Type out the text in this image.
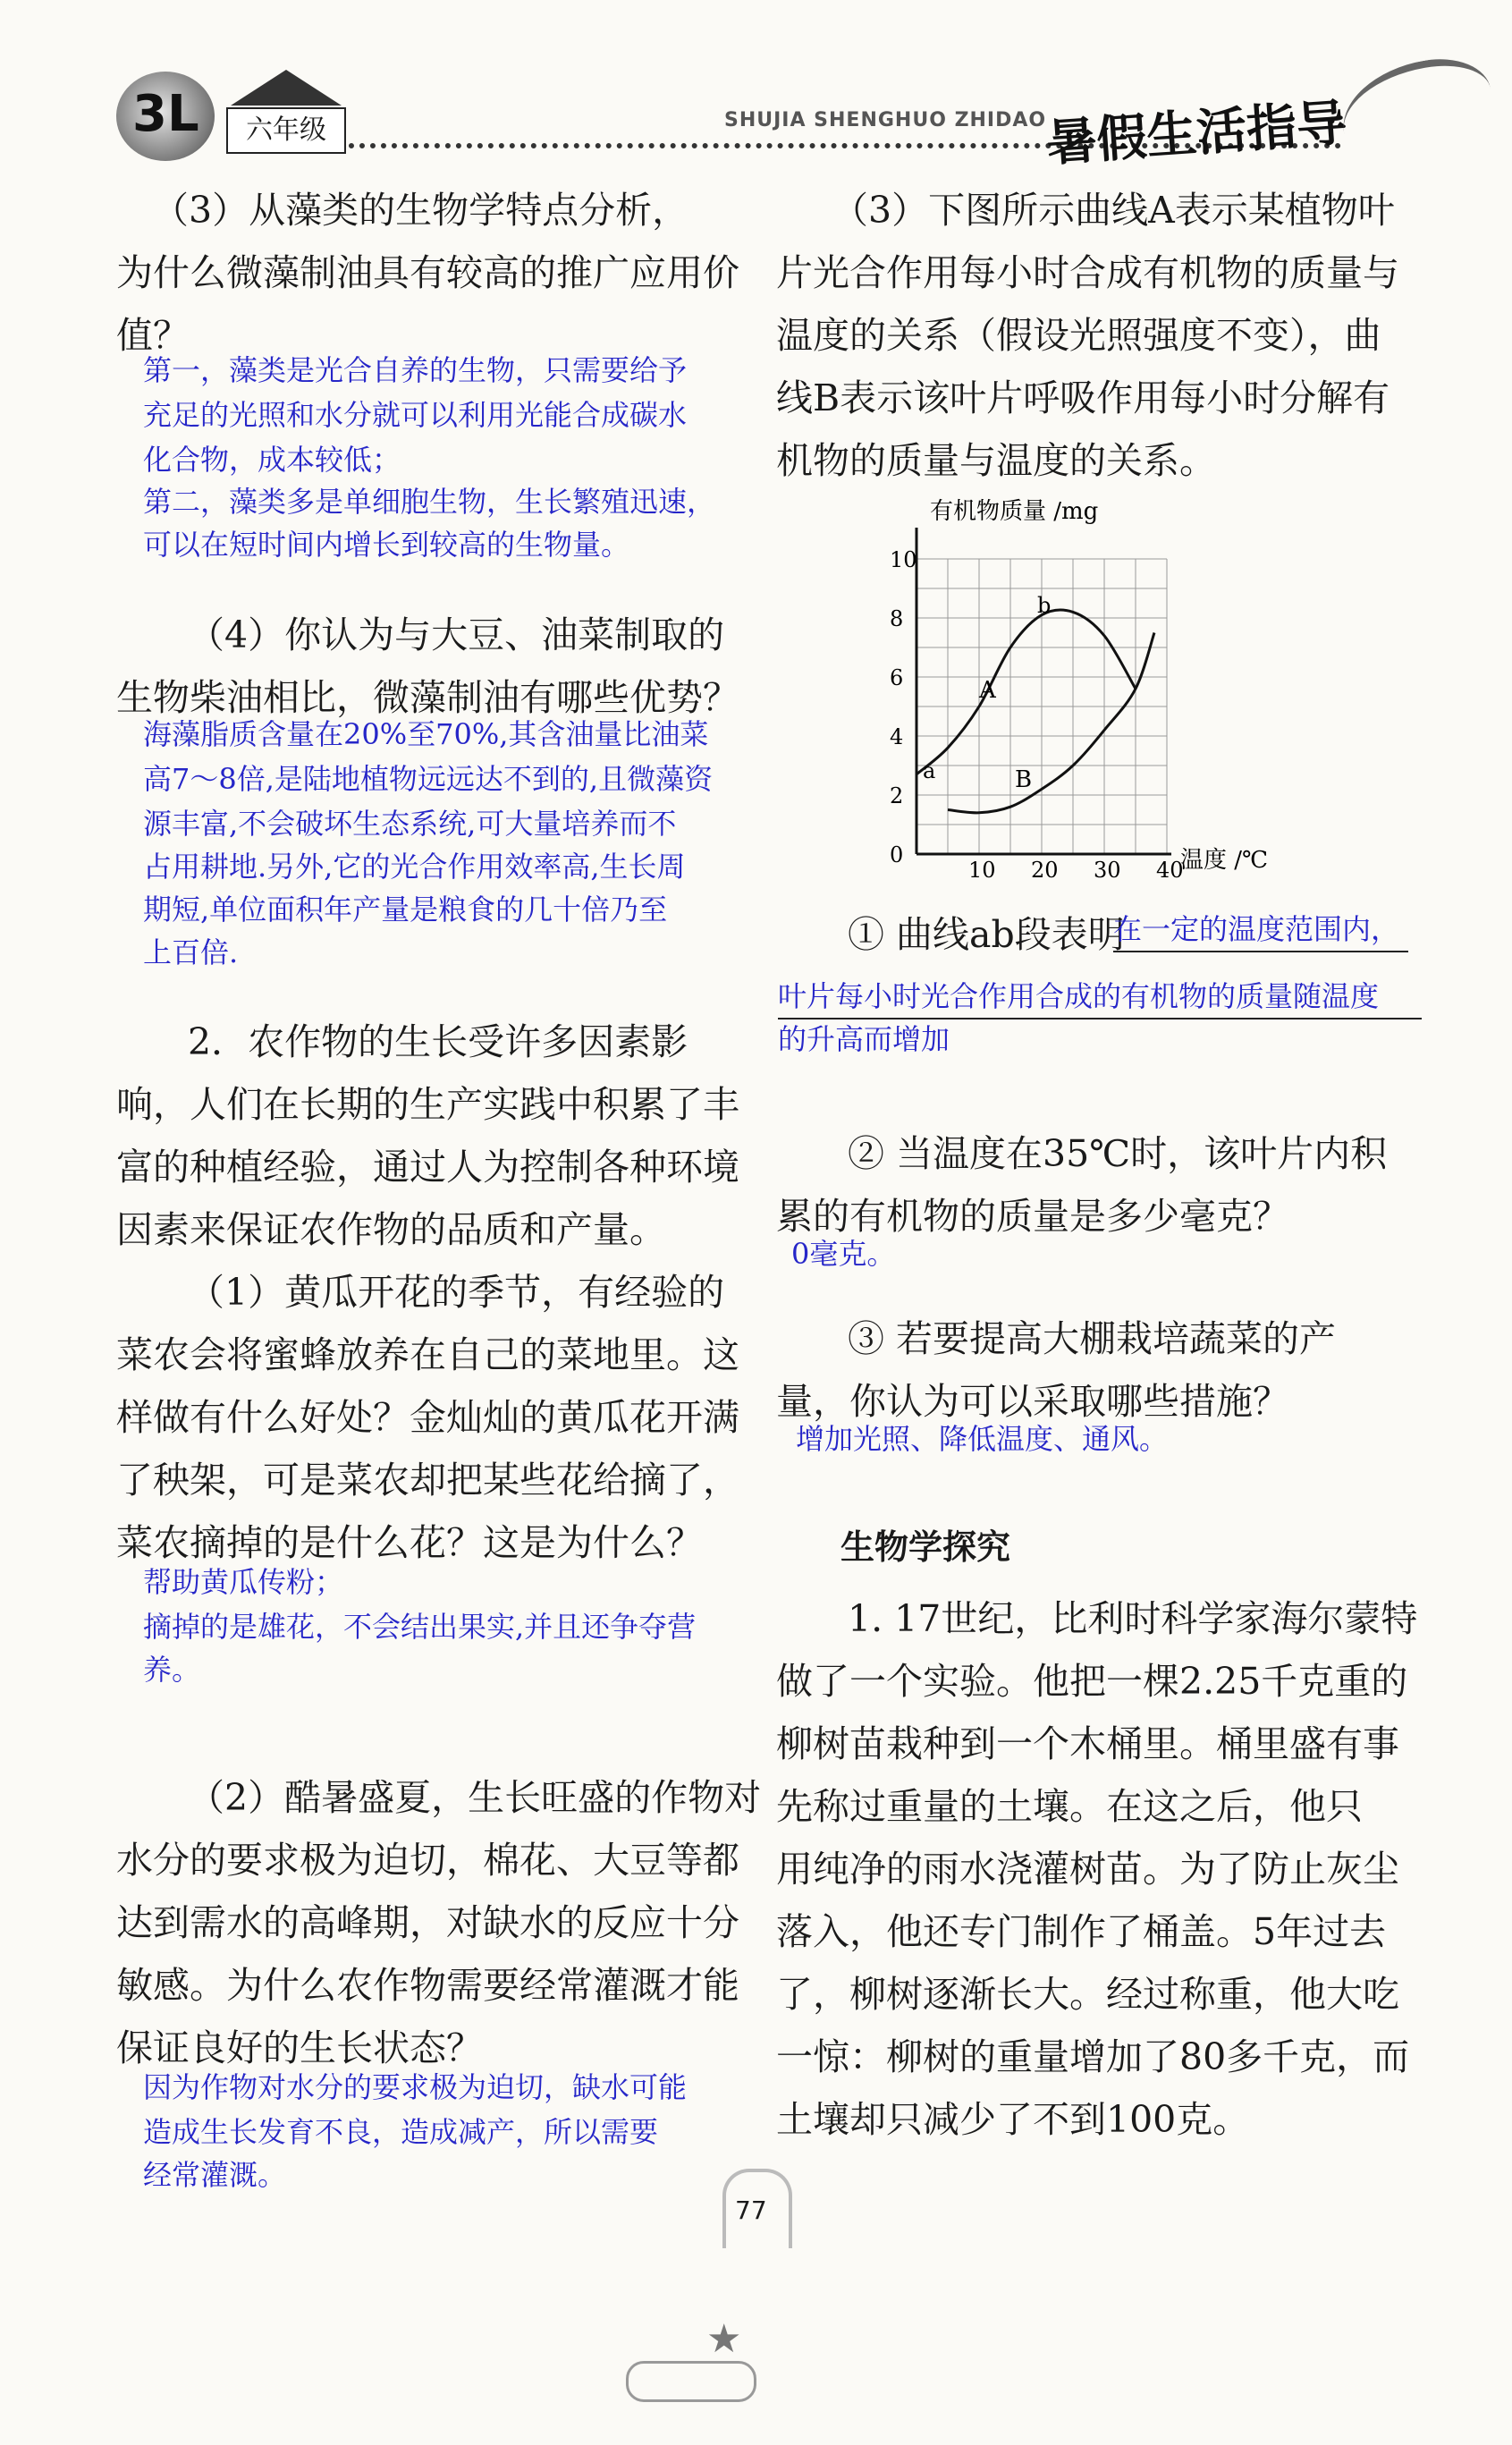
3L	六年级	SHUJIA SHENGHUO ZHIDAO
暑假生活指导

（3）从藻类的生物学特点分析，

为什么微藻制油具有较高的推广应用价

值？

第一，藻类是光合自养的生物，只需要给予

充足的光照和水分就可以利用光能合成碳水

化合物，成本较低；

第二，藻类多是单细胞生物，生长繁殖迅速，

可以在短时间内增长到较高的生物量。

（4）你认为与大豆、油菜制取的

生物柴油相比，微藻制油有哪些优势？

海藻脂质含量在20%至70%,其含油量比油菜

高7～8倍,是陆地植物远远达不到的,且微藻资

源丰富,不会破坏生态系统,可大量培养而不

占用耕地.另外,它的光合作用效率高,生长周

期短,单位面积年产量是粮食的几十倍乃至

上百倍.

2．农作物的生长受许多因素影

响，人们在长期的生产实践中积累了丰

富的种植经验，通过人为控制各种环境

因素来保证农作物的品质和产量。

（1）黄瓜开花的季节，有经验的

菜农会将蜜蜂放养在自己的菜地里。这

样做有什么好处？金灿灿的黄瓜花开满

了秧架，可是菜农却把某些花给摘了，

菜农摘掉的是什么花？这是为什么？

帮助黄瓜传粉；

摘掉的是雄花，不会结出果实,并且还争夺营

养。

（2）酷暑盛夏，生长旺盛的作物对

水分的要求极为迫切，棉花、大豆等都

达到需水的高峰期，对缺水的反应十分

敏感。为什么农作物需要经常灌溉才能

保证良好的生长状态？

因为作物对水分的要求极为迫切，缺水可能

造成生长发育不良，造成减产，所以需要

经常灌溉。

（3）下图所示曲线A表示某植物叶

片光合作用每小时合成有机物的质量与

温度的关系（假设光照强度不变），曲

线B表示该叶片呼吸作用每小时分解有

机物的质量与温度的关系。

有机物质量 /mg
温度 /℃
0
2
4
6
8
10
10 20 30 40
a
b
A
B

① 曲线ab段表明

在一定的温度范围内，

叶片每小时光合作用合成的有机物的质量随温度

的升高而增加

② 当温度在35℃时，该叶片内积

累的有机物的质量是多少毫克？

0毫克。

③ 若要提高大棚栽培蔬菜的产

量，你认为可以采取哪些措施？

增加光照、降低温度、通风。

生物学探究

1. 17世纪，比利时科学家海尔蒙特

做了一个实验。他把一棵2.25千克重的

柳树苗栽种到一个木桶里。桶里盛有事

先称过重量的土壤。在这之后，他只

用纯净的雨水浇灌树苗。为了防止灰尘

落入，他还专门制作了桶盖。5年过去

了，柳树逐渐长大。经过称重，他大吃

一惊：柳树的重量增加了80多千克，而

土壤却只减少了不到100克。

77
★
